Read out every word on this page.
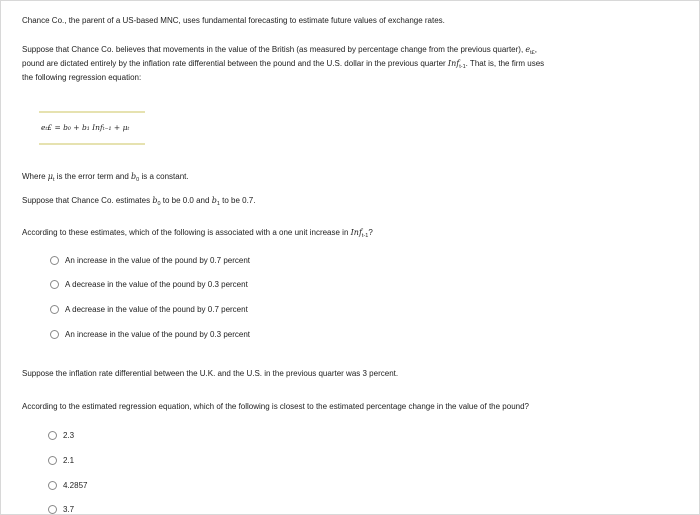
Chance Co., the parent of a US-based MNC, uses fundamental forecasting to estimate future values of exchange rates.
Suppose that Chance Co. believes that movements in the value of the British (as measured by percentage change from the previous quarter), $e_{t£}$,
pound are dictated entirely by the inflation rate differential between the pound and the U.S. dollar in the previous quarter Inf$_{t-1}$. That is, the firm uses
the following regression equation:
eₜ£ = b₀ + b₁ Infₜ₋₁ + μₜ
Where $\mu_t$ is the error term and $b_0$ is a constant.
Suppose that Chance Co. estimates $b_0$ to be 0.0 and $b_1$ to be 0.7.
According to these estimates, which of the following is associated with a one unit increase in Inf$_{t-1}$?
An increase in the value of the pound by 0.7 percent
A decrease in the value of the pound by 0.3 percent
A decrease in the value of the pound by 0.7 percent
An increase in the value of the pound by 0.3 percent
Suppose the inflation rate differential between the U.K. and the U.S. in the previous quarter was 3 percent.
According to the estimated regression equation, which of the following is closest to the estimated percentage change in the value of the pound?
2.3
2.1
4.2857
3.7
